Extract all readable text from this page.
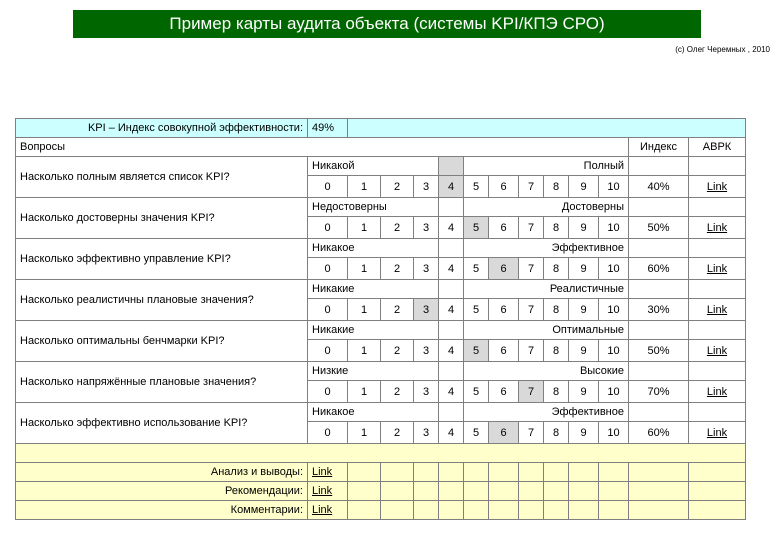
Пример карты аудита объекта (системы KPI/КПЭ СРО)
(c) Олег Черемных , 2010
KPI – Индекс совокупной эффективности:	49%												
Вопросы												Индекс	АВРК
Насколько полным является список KPI?	Никакой					Полный							
	0	1	2	3	4	5	6	7	8	9	10	40%	Link
Насколько достоверны значения KPI?	Недостоверны					Достоверны							
	0	1	2	3	4	5	6	7	8	9	10	50%	Link
Насколько эффективно управление KPI?	Никакое					Эффективное							
	0	1	2	3	4	5	6	7	8	9	10	60%	Link
Насколько реалистичны плановые значения?	Никакие					Реалистичные							
	0	1	2	3	4	5	6	7	8	9	10	30%	Link
Насколько оптимальны бенчмарки KPI?	Никакие					Оптимальные							
	0	1	2	3	4	5	6	7	8	9	10	50%	Link
Насколько напряжённые плановые значения?	Низкие					Высокие							
	0	1	2	3	4	5	6	7	8	9	10	70%	Link
Насколько эффективно использование KPI?	Никакое					Эффективное							
	0	1	2	3	4	5	6	7	8	9	10	60%	Link

Анализ и выводы:	Link												
Рекомендации:	Link												
Комментарии:	Link												
